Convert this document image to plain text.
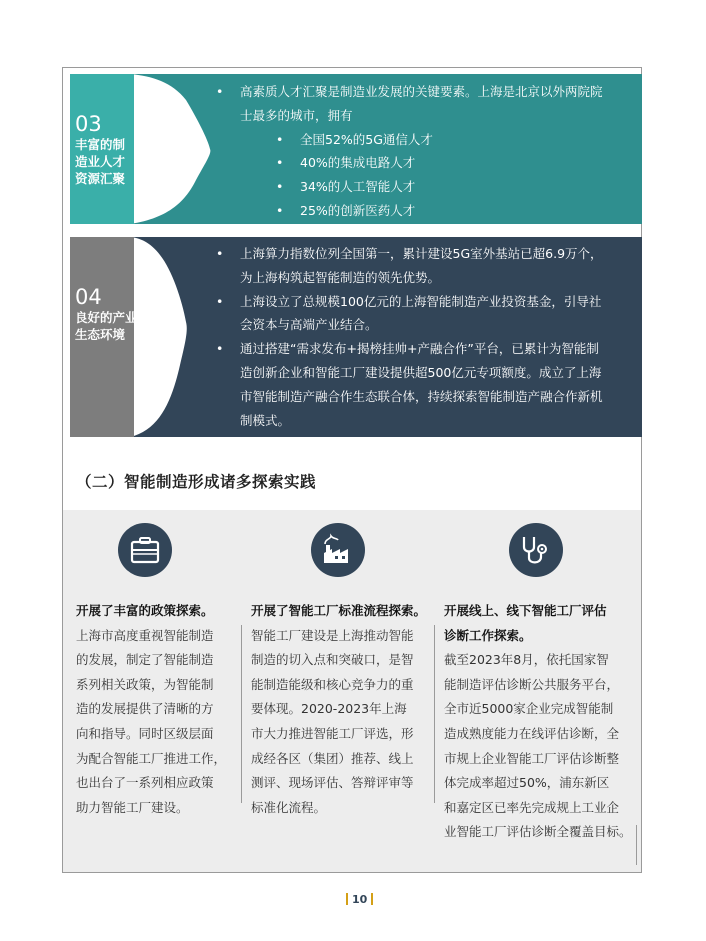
03
丰富的制
造业人才
资源汇聚
• 高素质人才汇聚是制造业发展的关键要素。上海是北京以外两院院
士最多的城市，拥有
• 全国52%的5G通信人才
• 40%的集成电路人才
• 34%的人工智能人才
• 25%的创新医药人才
04
良好的产业
生态环境
• 上海算力指数位列全国第一，累计建设5G室外基站已超6.9万个，
为上海构筑起智能制造的领先优势。
• 上海设立了总规模100亿元的上海智能制造产业投资基金，引导社
会资本与高端产业结合。
• 通过搭建“需求发布+揭榜挂帅+产融合作”平台，已累计为智能制
造创新企业和智能工厂建设提供超500亿元专项额度。成立了上海
市智能制造产融合作生态联合体，持续探索智能制造产融合作新机
制模式。
（二）智能制造形成诸多探索实践
开展了丰富的政策探索。
上海市高度重视智能制造
的发展，制定了智能制造
系列相关政策，为智能制
造的发展提供了清晰的方
向和指导。同时区级层面
为配合智能工厂推进工作，
也出台了一系列相应政策
助力智能工厂建设。
开展了智能工厂标准流程探索。
智能工厂建设是上海推动智能
制造的切入点和突破口，是智
能制造能级和核心竞争力的重
要体现。2020-2023年上海
市大力推进智能工厂评选，形
成经各区（集团）推荐、线上
测评、现场评估、答辩评审等
标准化流程。
开展线上、线下智能工厂评估
诊断工作探索。
截至2023年8月，依托国家智
能制造评估诊断公共服务平台，
全市近5000家企业完成智能制
造成熟度能力在线评估诊断，全
市规上企业智能工厂评估诊断整
体完成率超过50%，浦东新区
和嘉定区已率先完成规上工业企
业智能工厂评估诊断全覆盖目标。
10
